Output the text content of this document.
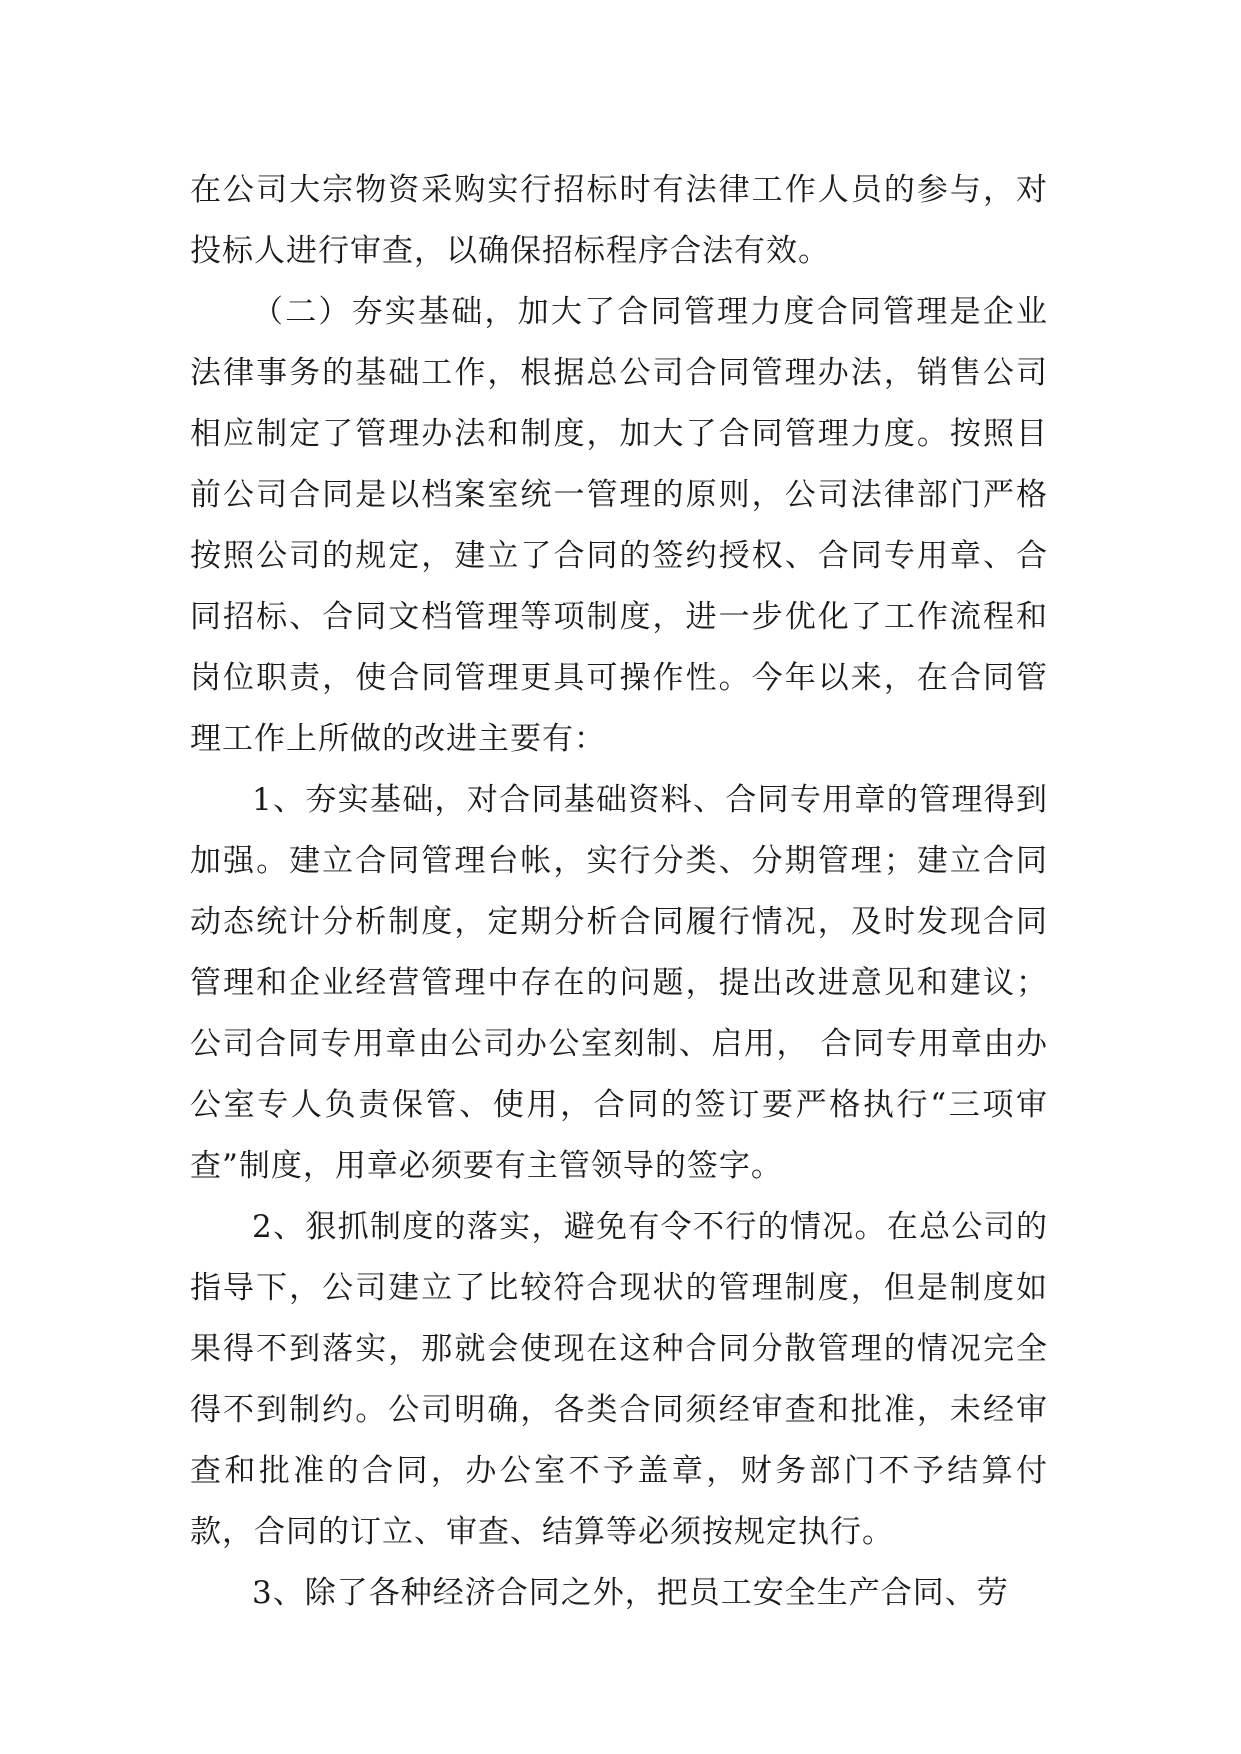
在公司大宗物资采购实行招标时有法律工作人员的参与，对投标人进行审查，以确保招标程序合法有效。

（二）夯实基础，加大了合同管理力度合同管理是企业法律事务的基础工作，根据总公司合同管理办法，销售公司相应制定了管理办法和制度，加大了合同管理力度。按照目前公司合同是以档案室统一管理的原则，公司法律部门严格按照公司的规定，建立了合同的签约授权、合同专用章、合同招标、合同文档管理等项制度，进一步优化了工作流程和岗位职责，使合同管理更具可操作性。今年以来，在合同管理工作上所做的改进主要有：

1、夯实基础，对合同基础资料、合同专用章的管理得到加强。建立合同管理台帐，实行分类、分期管理；建立合同动态统计分析制度，定期分析合同履行情况，及时发现合同管理和企业经营管理中存在的问题，提出改进意见和建议；公司合同专用章由公司办公室刻制、启用， 合同专用章由办公室专人负责保管、使用，合同的签订要严格执行“三项审查”制度，用章必须要有主管领导的签字。

2、狠抓制度的落实，避免有令不行的情况。在总公司的指导下，公司建立了比较符合现状的管理制度，但是制度如果得不到落实，那就会使现在这种合同分散管理的情况完全得不到制约。公司明确，各类合同须经审查和批准，未经审查和批准的合同，办公室不予盖章，财务部门不予结算付款，合同的订立、审查、结算等必须按规定执行。

3、除了各种经济合同之外，把员工安全生产合同、劳
